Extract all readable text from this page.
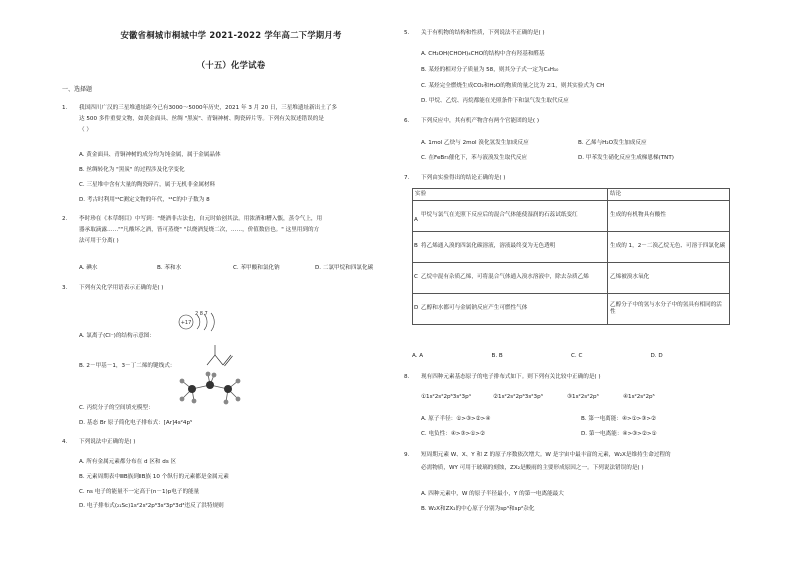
安徽省桐城市桐城中学 2021-2022 学年高二下学期月考
（十五）化学试卷
一、选择题
1.	我国四川广汉的三星堆遗址距今已有3000～5000年历史，2021 年 3 月 20 日，三星堆遗址新出土了多
达 500 多件重要文物，如黄金面具、丝绸 "黑炭"、青铜神树、陶瓷碎片等。下列有关叙述错误的是
（ ）
A. 黄金面具、青铜神树的成分均为纯金属，属于金属晶体
B. 丝绸转化为 "黑炭" 的过程涉及化学变化
C. 三星堆中含有大量的陶瓷碎片，属于无机非金属材料
D. 考古时利用¹⁴C测定文物的年代，¹⁴C的中子数为 8
2.	李时珍在《本草纲目》中写到："烧酒非古法也，自元时始创其法。用浓酒和糟入甑，蒸令气上，用
器承取滴露……""凡酸坏之酒，皆可蒸烧" "以烧酒复烧二次，……，价值数倍也。" 这里用到的方
法可用于分离( )
A. 碘水	B. 苯和水	C. 苯甲酸和氯化钠	D. 二氯甲烷和四氯化碳
3.	下列有关化学用语表示正确的是( )
+17
2 8 7
A. 氯离子(Cl⁻)的结构示意图：
B. 2－甲基－1，3－丁二烯的键线式：
C. 丙烷分子的空间填充模型：
D. 基态 Br 原子简化电子排布式：[Ar]4s²4p⁵
4.	下列说法中正确的是( )
A. 所有金属元素都分布在 d 区和 ds 区
B. 元素周期表中ⅢB族到ⅡB族 10 个纵行的元素都是金属元素
C. ns 电子的能量不一定高于(n－1)p电子的能量
D. 电子排布式(₂₁Sc)1s²2s²2p⁶3s²3p⁶3d³违反了洪特规则
5.	关于有机物的结构和性质，下列说法不正确的是( )
A. CH₂OH(CHOH)₄CHO的结构中含有羟基和醛基
B. 某烃的相对分子质量为 58，则其分子式一定为C₄H₁₀
C. 某烃完全燃烧生成CO₂和H₂O的物质的量之比为 2∶1，则其实验式为 CH
D. 甲烷、乙烷、丙烷都能在光照条件下和氯气发生取代反应
6.	下列反应中，其有机产物含有两个官能团的是( )
A. 1mol 乙炔与 2mol 溴化氢发生加成反应	B. 乙烯与H₂O发生加成反应
C. 在FeBr₃催化下，苯与液溴发生取代反应	D. 甲苯发生硝化反应生成梯恩梯(TNT)
7.	下列由实验得出的结论正确的是( )
实验	结论

A
甲烷与氯气在光照下反应后的混合气体能使湿润的石蕊试纸变红	生成的有机物具有酸性

B 将乙烯通入溴的四氯化碳溶液，溶液最终变为无色透明	生成的 1，2－二溴乙烷无色、可溶于四氯化碳

C 乙烷中混有杂质乙烯，可将混合气体通入溴水溶液中，除去杂质乙烯	乙烯被溴水氧化

D 乙醇和水都可与金属钠反应产生可燃性气体	乙醇分子中的氢与水分子中的氢具有相同的活性
A. A	B. B	C. C	D. D
8.	现有四种元素基态原子的电子排布式如下。则下列有关比较中正确的是( )
①1s²2s²2p⁶3s²3p⁴	②1s²2s²2p⁶3s²3p³	③1s²2s²2p³	④1s²2s²2p⁵
A. 原子半径：①>③>②>④	B. 第一电离能：④>①>③>②
C. 电负性：④>③>①>②	D. 第一电离能：④>③>②>①
9.	短周期元素 W、X、Y 和 Z 的原子序数依次增大。W 是宇宙中最丰富的元素，W₂X是维持生命过程的
必需物质，WY 可用于玻璃的刻蚀，ZX₂是酸雨的主要形成原因之一。下列说法错误的是( )
A. 四种元素中，W 的原子半径最小，Y 的第一电离能最大
B. W₂X和ZX₂的中心原子分别为sp³和sp²杂化
